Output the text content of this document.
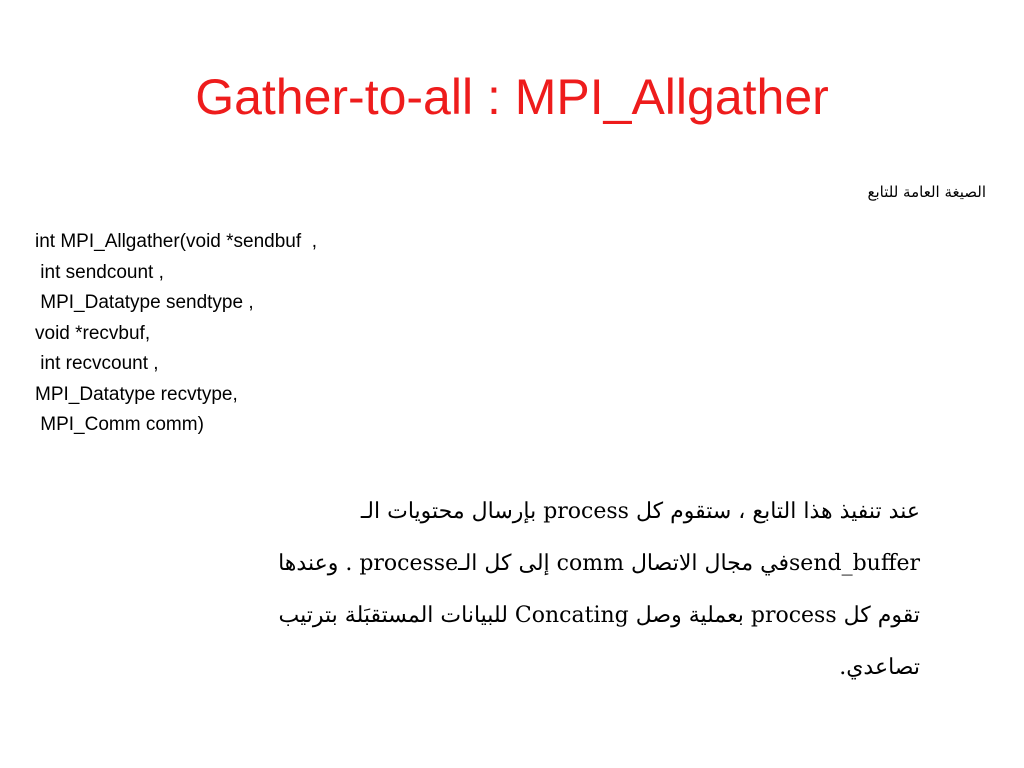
Gather-to-all : MPI_Allgather
الصيغة العامة للتابع
int MPI_Allgather(void *sendbuf  ,
int sendcount ,
MPI_Datatype sendtype ,
void *recvbuf,
int recvcount ,
MPI_Datatype recvtype,
MPI_Comm comm)
عند تنفيذ هذا التابع ، ستقوم كل process بإرسال محتويات الـ
send_bufferفي مجال الاتصال comm إلى كل الـprocesse . وعندها
تقوم كل process بعملية وصل Concating للبيانات المستقبَلة بترتيب
تصاعدي.
